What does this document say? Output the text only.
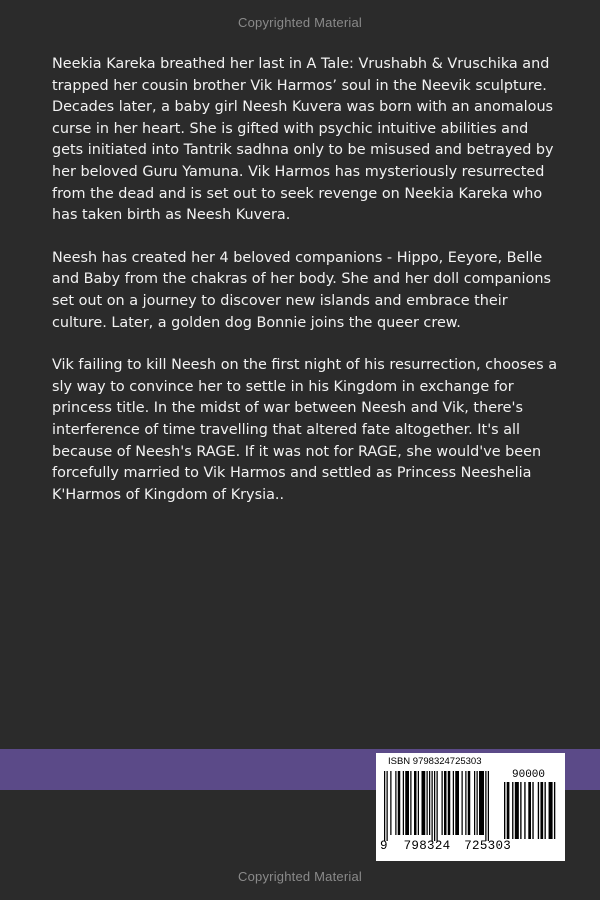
Copyrighted Material

Neekia Kareka breathed her last in A Tale: Vrushabh & Vruschika and trapped her cousin brother Vik Harmos’ soul in the Neevik sculpture. Decades later, a baby girl Neesh Kuvera was born with an anomalous curse in her heart. She is gifted with psychic intuitive abilities and gets initiated into Tantrik sadhna only to be misused and betrayed by her beloved Guru Yamuna. Vik Harmos has mysteriously resurrected from the dead and is set out to seek revenge on Neekia Kareka who has taken birth as Neesh Kuvera.

Neesh has created her 4 beloved companions - Hippo, Eeyore, Belle and Baby from the chakras of her body. She and her doll companions set out on a journey to discover new islands and embrace their culture. Later, a golden dog Bonnie joins the queer crew.

Vik failing to kill Neesh on the first night of his resurrection, chooses a sly way to convince her to settle in his Kingdom in exchange for princess title. In the midst of war between Neesh and Vik, there's interference of time travelling that altered fate altogether. It's all because of Neesh's RAGE. If it was not for RAGE, she would've been forcefully married to Vik Harmos and settled as Princess Neeshelia K'Harmos of Kingdom of Krysia..

ISBN 9798324725303
90000
9 798324 725303
Copyrighted Material
